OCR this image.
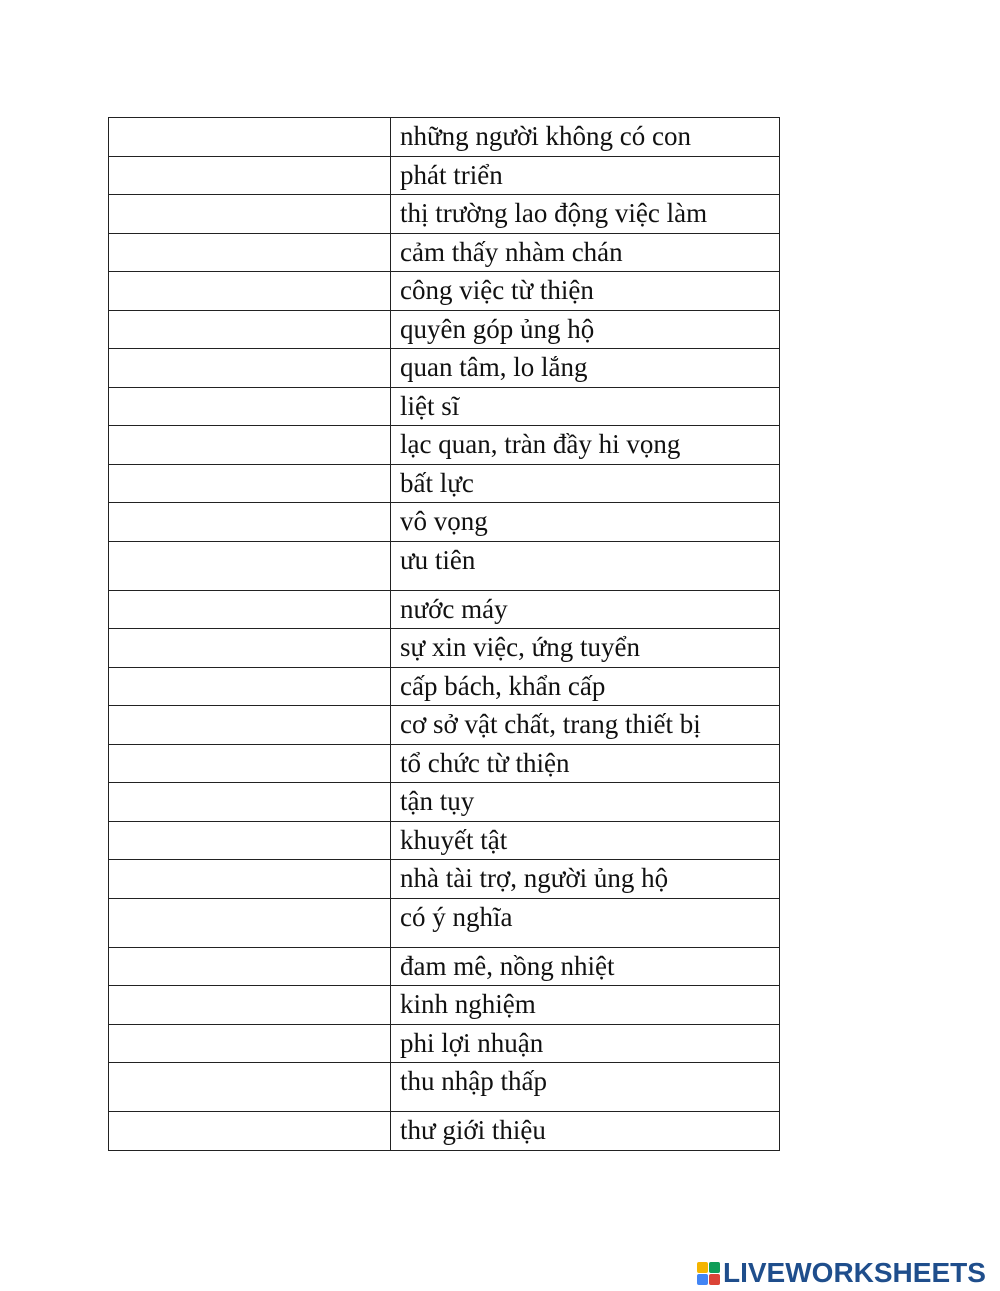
	những người không có con

	phát triển

	thị trường lao động việc làm

	cảm thấy nhàm chán

	công việc từ thiện

	quyên góp ủng hộ

	quan tâm, lo lắng

	liệt sĩ

	lạc quan, tràn đầy hi vọng

	bất lực

	vô vọng

	ưu tiên

	nước máy

	sự xin việc, ứng tuyển

	cấp bách, khẩn cấp

	cơ sở vật chất, trang thiết bị

	tổ chức từ thiện

	tận tụy

	khuyết tật

	nhà tài trợ, người ủng hộ

	có ý nghĩa

	đam mê, nồng nhiệt

	kinh nghiệm

	phi lợi nhuận

	thu nhập thấp

	thư giới thiệu
LIVEWORKSHEETS
